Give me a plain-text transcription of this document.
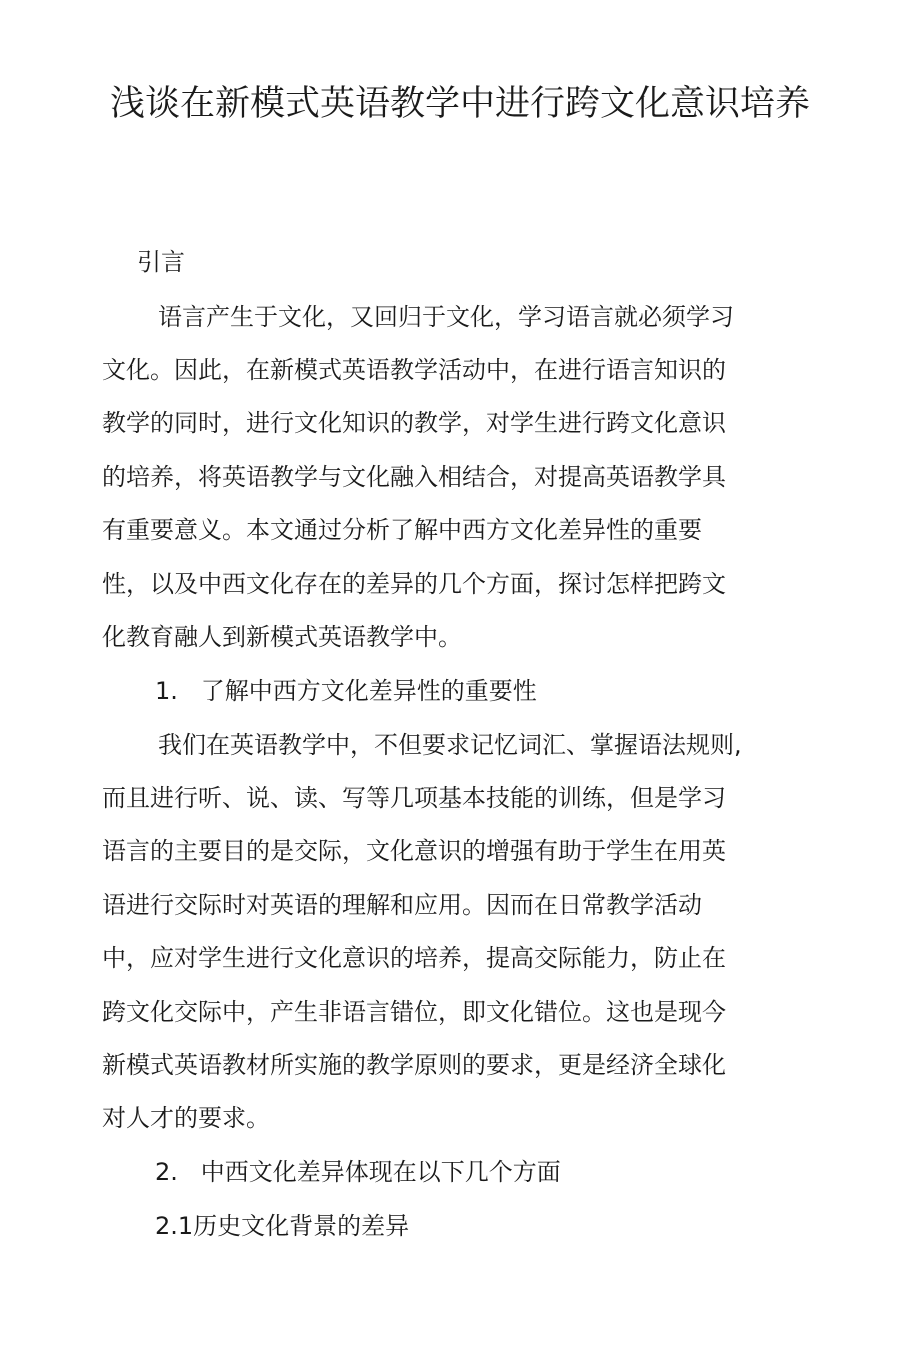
浅谈在新模式英语教学中进行跨文化意识培养

引言

语言产生于文化，又回归于文化，学习语言就必须学习

文化。因此，在新模式英语教学活动中，在进行语言知识的

教学的同时，进行文化知识的教学，对学生进行跨文化意识

的培养，将英语教学与文化融入相结合，对提高英语教学具

有重要意义。本文通过分析了解中西方文化差异性的重要

性，以及中西文化存在的差异的几个方面，探讨怎样把跨文

化教育融人到新模式英语教学中。

1.   了解中西方文化差异性的重要性

我们在英语教学中，不但要求记忆词汇、掌握语法规则,

而且进行听、说、读、写等几项基本技能的训练，但是学习

语言的主要目的是交际，文化意识的增强有助于学生在用英

语进行交际时对英语的理解和应用。因而在日常教学活动

中，应对学生进行文化意识的培养，提高交际能力，防止在

跨文化交际中，产生非语言错位，即文化错位。这也是现今

新模式英语教材所实施的教学原则的要求，更是经济全球化

对人才的要求。

2.   中西文化差异体现在以下几个方面

2.1历史文化背景的差异
